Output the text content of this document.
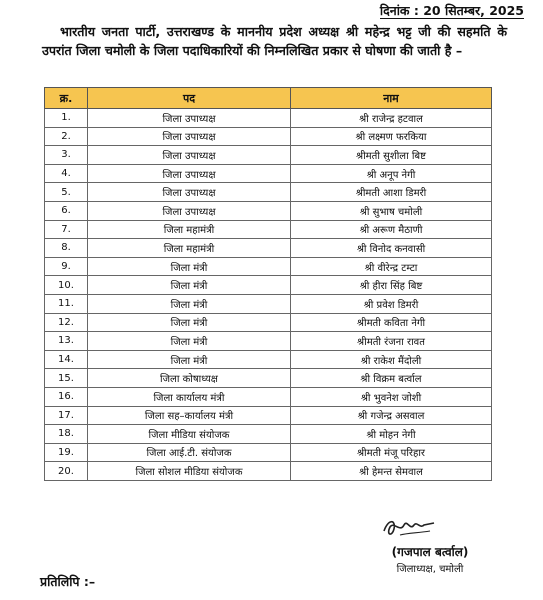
दिनांक : 20 सितम्बर, 2025
भारतीय जनता पार्टी, उत्तराखण्ड के माननीय प्रदेश अध्यक्ष श्री महेन्द्र भट्ट जी की सहमति के उपरांत जिला चमोली के जिला पदाधिकारियों की निम्नलिखित प्रकार से घोषणा की जाती है –
क्र.	पद	नाम
1.	जिला उपाध्यक्ष	श्री राजेन्द्र हटवाल
2.	जिला उपाध्यक्ष	श्री लक्ष्मण फरकिया
3.	जिला उपाध्यक्ष	श्रीमती सुशीला बिष्ट
4.	जिला उपाध्यक्ष	श्री अनूप नेगी
5.	जिला उपाध्यक्ष	श्रीमती आशा डिमरी
6.	जिला उपाध्यक्ष	श्री सुभाष चमोली
7.	जिला महामंत्री	श्री अरूण मैठाणी
8.	जिला महामंत्री	श्री विनोद कनवासी
9.	जिला मंत्री	श्री वीरेन्द्र टम्टा
10.	जिला मंत्री	श्री हीरा सिंह बिष्ट
11.	जिला मंत्री	श्री प्रवेश डिमरी
12.	जिला मंत्री	श्रीमती कविता नेगी
13.	जिला मंत्री	श्रीमती रंजना रावत
14.	जिला मंत्री	श्री राकेश मैंदोली
15.	जिला कोषाध्यक्ष	श्री विक्रम बर्त्वाल
16.	जिला कार्यालय मंत्री	श्री भुवनेश जोशी
17.	जिला सह–कार्यालय मंत्री	श्री गजेन्द्र असवाल
18.	जिला मीडिया संयोजक	श्री मोहन नेगी
19.	जिला आई.टी. संयोजक	श्रीमती मंजू परिहार
20.	जिला सोशल मीडिया संयोजक	श्री हेमन्त सेमवाल
(गजपाल बर्त्वाल)
जिलाध्यक्ष, चमोली
प्रतिलिपि :–
